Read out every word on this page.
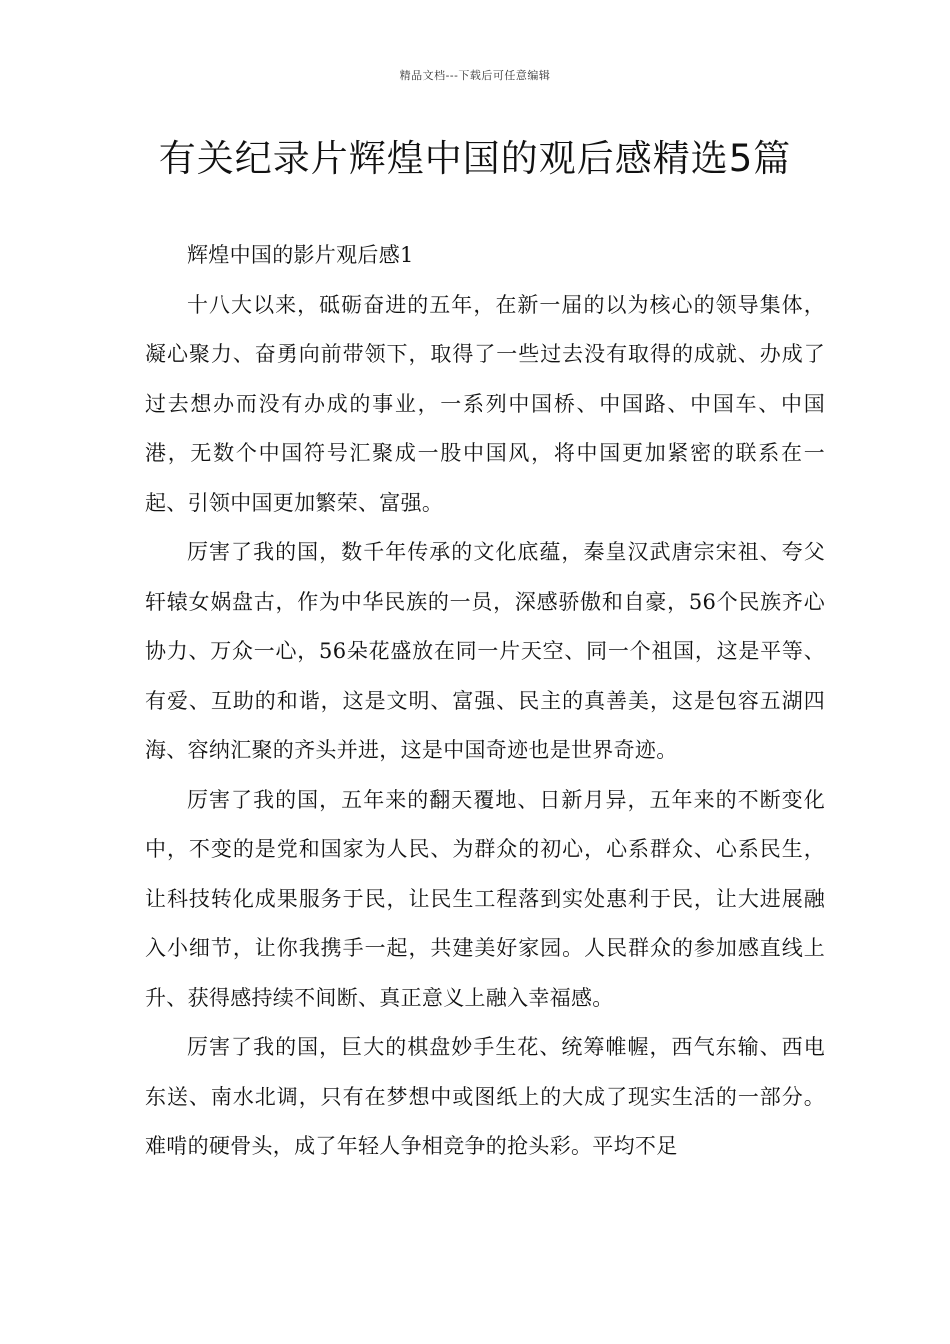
精品文档---下载后可任意编辑
有关纪录片辉煌中国的观后感精选5篇

辉煌中国的影片观后感1

十八大以来，砥砺奋进的五年，在新一届的以为核心的领导集体，凝心聚力、奋勇向前带领下，取得了一些过去没有取得的成就、办成了过去想办而没有办成的事业，一系列中国桥、中国路、中国车、中国港，无数个中国符号汇聚成一股中国风，将中国更加紧密的联系在一起、引领中国更加繁荣、富强。

厉害了我的国，数千年传承的文化底蕴，秦皇汉武唐宗宋祖、夸父轩辕女娲盘古，作为中华民族的一员，深感骄傲和自豪，56个民族齐心协力、万众一心，56朵花盛放在同一片天空、同一个祖国，这是平等、有爱、互助的和谐，这是文明、富强、民主的真善美，这是包容五湖四海、容纳汇聚的齐头并进，这是中国奇迹也是世界奇迹。

厉害了我的国，五年来的翻天覆地、日新月异，五年来的不断变化中，不变的是党和国家为人民、为群众的初心，心系群众、心系民生，让科技转化成果服务于民，让民生工程落到实处惠利于民，让大进展融入小细节，让你我携手一起，共建美好家园。人民群众的参加感直线上升、获得感持续不间断、真正意义上融入幸福感。

厉害了我的国，巨大的棋盘妙手生花、统筹帷幄，西气东输、西电东送、南水北调，只有在梦想中或图纸上的大成了现实生活的一部分。难啃的硬骨头，成了年轻人争相竞争的抢头彩。平均不足
